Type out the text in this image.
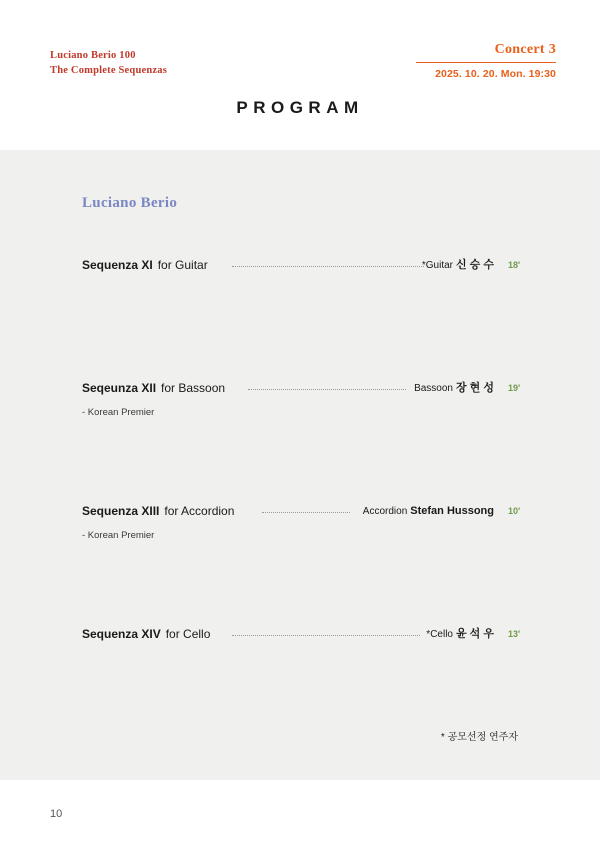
Luciano Berio 100
The Complete Sequenzas
Concert 3
2025. 10. 20. Mon. 19:30
PROGRAM
Luciano Berio
Sequenza XI for Guitar	*Guitar 신 승 수 18'
Seqeunza XII for Bassoon	Bassoon 장 현 성 19'
- Korean Premier
Sequenza XIII for Accordion	Accordion Stefan Hussong 10'
- Korean Premier
Sequenza XIV for Cello	*Cello 윤 석 우 13'
* 공모선정 연주자
10
